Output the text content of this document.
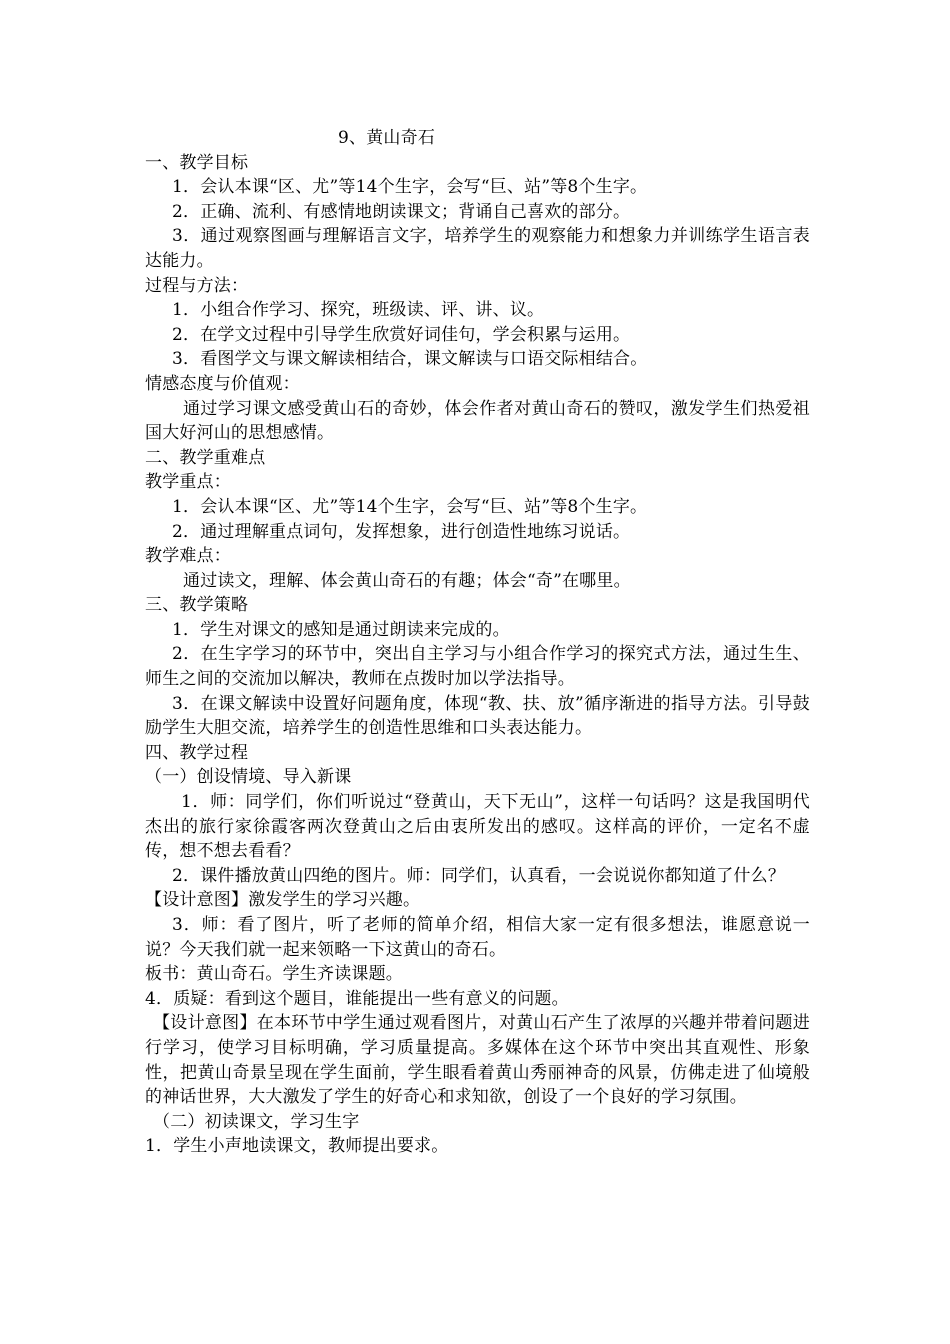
9、黄山奇石
一、教学目标
1．会认本课“区、尤”等14个生字，会写“巨、站”等8个生字。
2．正确、流利、有感情地朗读课文；背诵自己喜欢的部分。
3．通过观察图画与理解语言文字，培养学生的观察能力和想象力并训练学生语言表达能力。
过程与方法：
1．小组合作学习、探究，班级读、评、讲、议。
2．在学文过程中引导学生欣赏好词佳句，学会积累与运用。
3．看图学文与课文解读相结合，课文解读与口语交际相结合。
情感态度与价值观：
通过学习课文感受黄山石的奇妙，体会作者对黄山奇石的赞叹，激发学生们热爱祖国大好河山的思想感情。
二、教学重难点
教学重点：
1．会认本课“区、尤”等14个生字，会写“巨、站”等8个生字。
2．通过理解重点词句，发挥想象，进行创造性地练习说话。
教学难点：
通过读文，理解、体会黄山奇石的有趣；体会“奇”在哪里。
三、教学策略
1．学生对课文的感知是通过朗读来完成的。
2．在生字学习的环节中，突出自主学习与小组合作学习的探究式方法，通过生生、师生之间的交流加以解决，教师在点拨时加以学法指导。
3．在课文解读中设置好问题角度，体现“教、扶、放”循序渐进的指导方法。引导鼓励学生大胆交流，培养学生的创造性思维和口头表达能力。
四、教学过程
（一）创设情境、导入新课
1．师：同学们，你们听说过“登黄山，天下无山”，这样一句话吗？这是我国明代杰出的旅行家徐霞客两次登黄山之后由衷所发出的感叹。这样高的评价，一定名不虚传，想不想去看看？
2．课件播放黄山四绝的图片。师：同学们，认真看，一会说说你都知道了什么？
【设计意图】激发学生的学习兴趣。
3．师：看了图片，听了老师的简单介绍，相信大家一定有很多想法，谁愿意说一说？今天我们就一起来领略一下这黄山的奇石。
板书：黄山奇石。学生齐读课题。
4．质疑：看到这个题目，谁能提出一些有意义的问题。
【设计意图】在本环节中学生通过观看图片，对黄山石产生了浓厚的兴趣并带着问题进行学习，使学习目标明确，学习质量提高。多媒体在这个环节中突出其直观性、形象性，把黄山奇景呈现在学生面前，学生眼看着黄山秀丽神奇的风景，仿佛走进了仙境般的神话世界，大大激发了学生的好奇心和求知欲，创设了一个良好的学习氛围。
（二）初读课文，学习生字
1．学生小声地读课文，教师提出要求。
